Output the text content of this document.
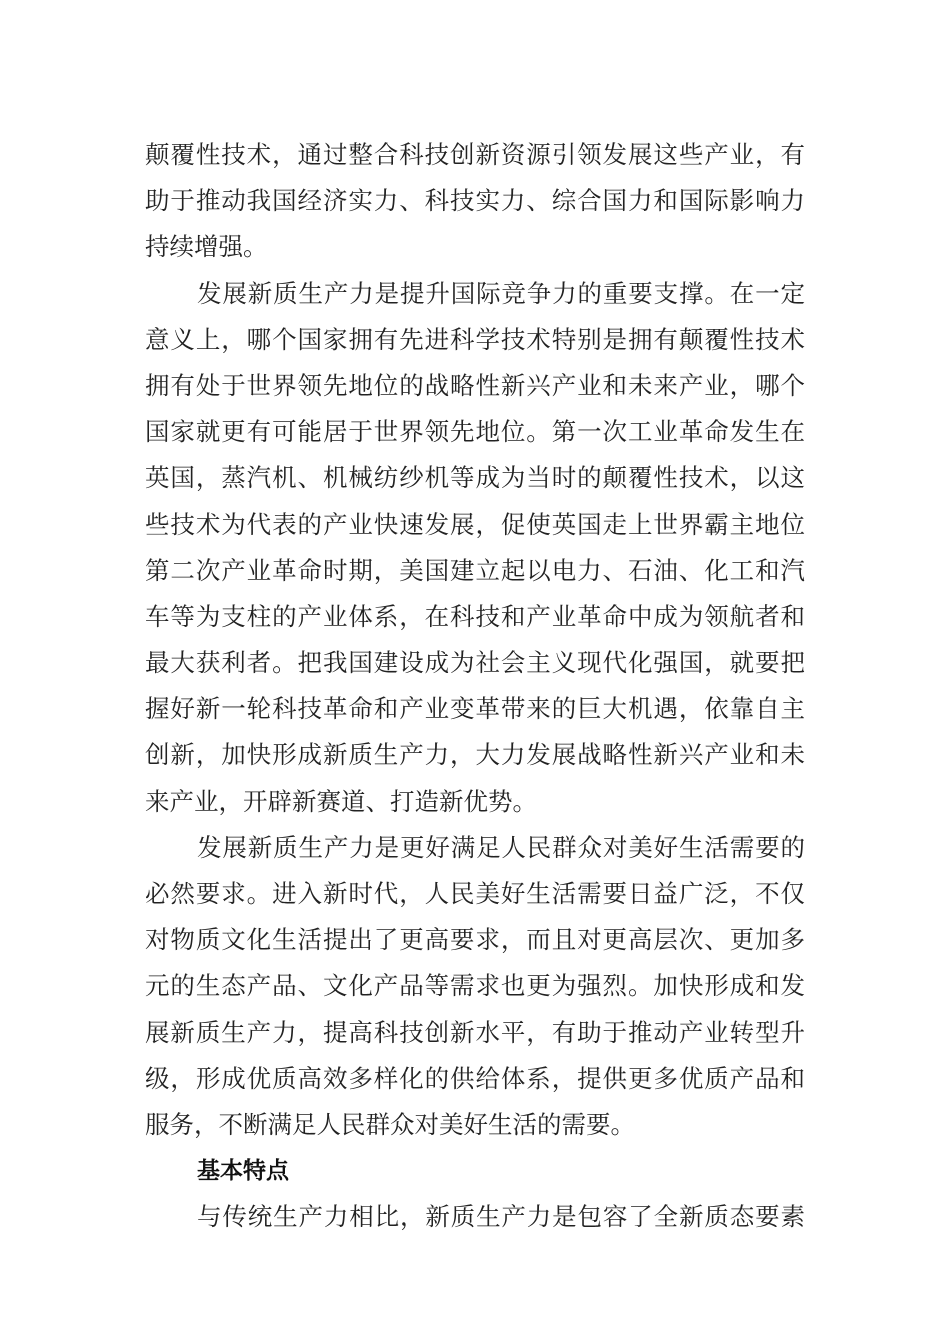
颠覆性技术，通过整合科技创新资源引领发展这些产业，有
助于推动我国经济实力、科技实力、综合国力和国际影响力
持续增强。
发展新质生产力是提升国际竞争力的重要支撑。在一定
意义上，哪个国家拥有先进科学技术特别是拥有颠覆性技术
拥有处于世界领先地位的战略性新兴产业和未来产业，哪个
国家就更有可能居于世界领先地位。第一次工业革命发生在
英国，蒸汽机、机械纺纱机等成为当时的颠覆性技术，以这
些技术为代表的产业快速发展，促使英国走上世界霸主地位
第二次产业革命时期，美国建立起以电力、石油、化工和汽
车等为支柱的产业体系，在科技和产业革命中成为领航者和
最大获利者。把我国建设成为社会主义现代化强国，就要把
握好新一轮科技革命和产业变革带来的巨大机遇，依靠自主
创新，加快形成新质生产力，大力发展战略性新兴产业和未
来产业，开辟新赛道、打造新优势。
发展新质生产力是更好满足人民群众对美好生活需要的
必然要求。进入新时代，人民美好生活需要日益广泛，不仅
对物质文化生活提出了更高要求，而且对更高层次、更加多
元的生态产品、文化产品等需求也更为强烈。加快形成和发
展新质生产力，提高科技创新水平，有助于推动产业转型升
级，形成优质高效多样化的供给体系，提供更多优质产品和
服务，不断满足人民群众对美好生活的需要。
基本特点
与传统生产力相比，新质生产力是包容了全新质态要素
